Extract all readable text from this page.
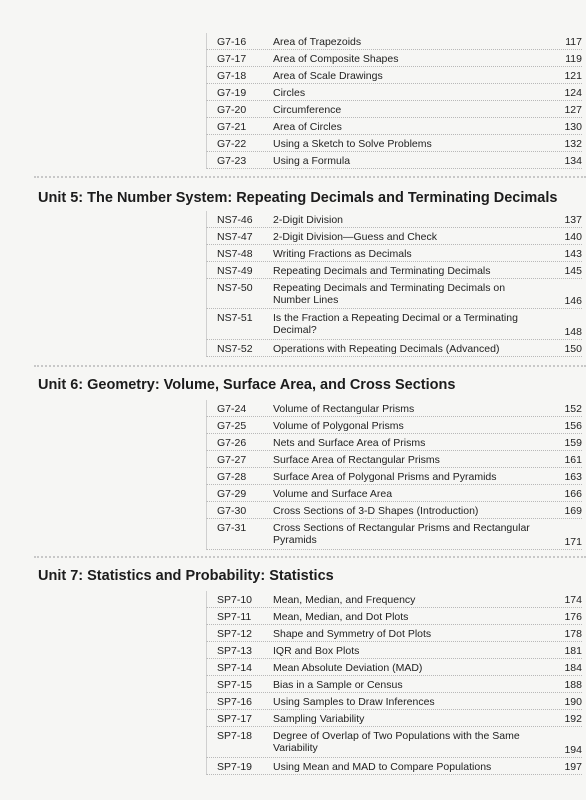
G7-16	Area of Trapezoids	117
G7-17	Area of Composite Shapes	119
G7-18	Area of Scale Drawings	121
G7-19	Circles	124
G7-20	Circumference	127
G7-21	Area of Circles	130
G7-22	Using a Sketch to Solve Problems	132
G7-23	Using a Formula	134
Unit 5: The Number System: Repeating Decimals and Terminating Decimals
NS7-46	2-Digit Division	137
NS7-47	2-Digit Division—Guess and Check	140
NS7-48	Writing Fractions as Decimals	143
NS7-49	Repeating Decimals and Terminating Decimals	145
NS7-50	Repeating Decimals and Terminating Decimals on Number Lines	146
NS7-51	Is the Fraction a Repeating Decimal or a Terminating Decimal?	148
NS7-52	Operations with Repeating Decimals (Advanced)	150
Unit 6: Geometry: Volume, Surface Area, and Cross Sections
G7-24	Volume of Rectangular Prisms	152
G7-25	Volume of Polygonal Prisms	156
G7-26	Nets and Surface Area of Prisms	159
G7-27	Surface Area of Rectangular Prisms	161
G7-28	Surface Area of Polygonal Prisms and Pyramids	163
G7-29	Volume and Surface Area	166
G7-30	Cross Sections of 3-D Shapes (Introduction)	169
G7-31	Cross Sections of Rectangular Prisms and Rectangular Pyramids	171
Unit 7: Statistics and Probability: Statistics
SP7-10	Mean, Median, and Frequency	174
SP7-11	Mean, Median, and Dot Plots	176
SP7-12	Shape and Symmetry of Dot Plots	178
SP7-13	IQR and Box Plots	181
SP7-14	Mean Absolute Deviation (MAD)	184
SP7-15	Bias in a Sample or Census	188
SP7-16	Using Samples to Draw Inferences	190
SP7-17	Sampling Variability	192
SP7-18	Degree of Overlap of Two Populations with the Same Variability	194
SP7-19	Using Mean and MAD to Compare Populations	197
